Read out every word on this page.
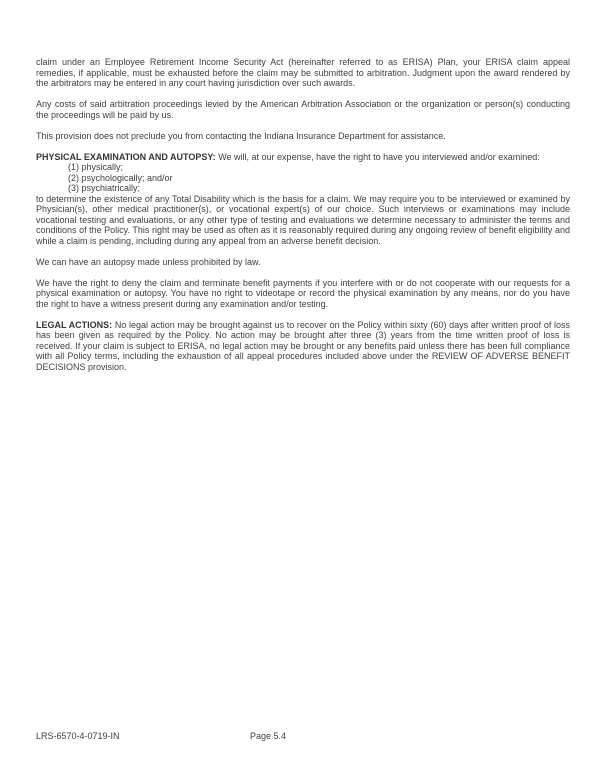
claim under an Employee Retirement Income Security Act (hereinafter referred to as ERISA) Plan, your ERISA claim appeal remedies, if applicable, must be exhausted before the claim may be submitted to arbitration. Judgment upon the award rendered by the arbitrators may be entered in any court having jurisdiction over such awards.

Any costs of said arbitration proceedings levied by the American Arbitration Association or the organization or person(s) conducting the proceedings will be paid by us.

This provision does not preclude you from contacting the Indiana Insurance Department for assistance.

PHYSICAL EXAMINATION AND AUTOPSY: We will, at our expense, have the right to have you interviewed and/or examined:

(1) physically;
(2) psychologically; and/or
(3) psychiatrically;

to determine the existence of any Total Disability which is the basis for a claim. We may require you to be interviewed or examined by Physician(s), other medical practitioner(s), or vocational expert(s) of our choice. Such interviews or examinations may include vocational testing and evaluations, or any other type of testing and evaluations we determine necessary to administer the terms and conditions of the Policy. This right may be used as often as it is reasonably required during any ongoing review of benefit eligibility and while a claim is pending, including during any appeal from an adverse benefit decision.

We can have an autopsy made unless prohibited by law.

We have the right to deny the claim and terminate benefit payments if you interfere with or do not cooperate with our requests for a physical examination or autopsy. You have no right to videotape or record the physical examination by any means, nor do you have the right to have a witness present during any examination and/or testing.

LEGAL ACTIONS: No legal action may be brought against us to recover on the Policy within sixty (60) days after written proof of loss has been given as required by the Policy. No action may be brought after three (3) years from the time written proof of loss is received. If your claim is subject to ERISA, no legal action may be brought or any benefits paid unless there has been full compliance with all Policy terms, including the exhaustion of all appeal procedures included above under the REVIEW OF ADVERSE BENEFIT DECISIONS provision.

LRS-6570-4-0719-IN	Page 5.4
